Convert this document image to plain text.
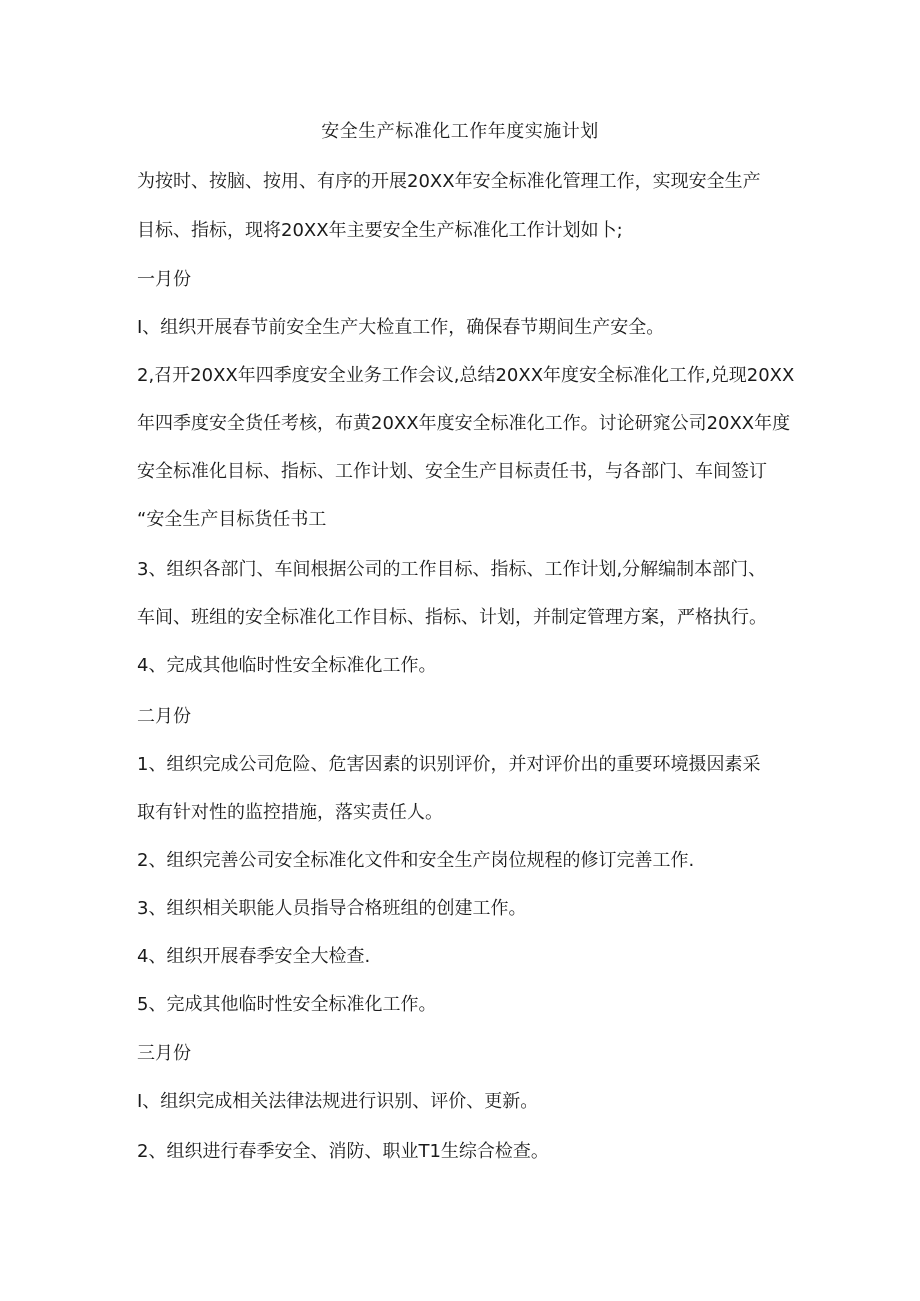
安全生产标准化工作年度实施计划
为按时、按脑、按用、有序的开展20XX年安全标准化管理工作，实现安全生产
目标、指标，现将20XX年主要安全生产标准化工作计划如卜;
一月份
I、组织开展春节前安全生产大检直工作，确保春节期间生产安全。
2,召开20XX年四季度安全业务工作会议,总结20XX年度安全标准化工作,兑现20XX
年四季度安全货任考核，布黄20XX年度安全标准化工作。讨论研窕公司20XX年度
安全标准化目标、指标、工作计划、安全生产目标责任书，与各部门、车间签订
“安全生产目标货任书工
3、组织各部门、车间根据公司的工作目标、指标、工作计划,分解编制本部门、
车间、班组的安全标准化工作目标、指标、计划，并制定管理方案，严格执行。
4、完成其他临时性安全标准化工作。
二月份
1、组织完成公司危险、危害因素的识别评价，并对评价出的重要环境摄因素采
取有针对性的监控措施，落实责任人。
2、组织完善公司安全标准化文件和安全生产岗位规程的修订完善工作.
3、组织相关职能人员指导合格班组的创建工作。
4、组织开展春季安全大检查.
5、完成其他临时性安全标准化工作。
三月份
I、组织完成相关法律法规进行识别、评价、更新。
2、组织进行春季安全、消防、职业T1生综合检查。
